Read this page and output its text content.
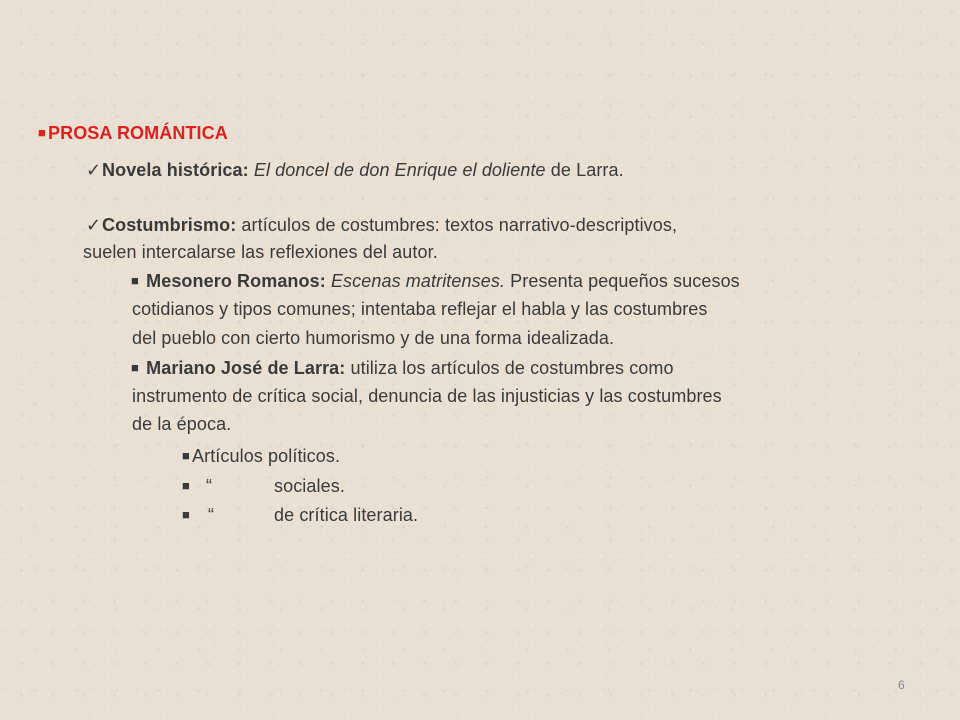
■ PROSA ROMÁNTICA
✓Novela histórica: El doncel de don Enrique el doliente de Larra.
✓Costumbrismo: artículos de costumbres: textos narrativo-descriptivos,
suelen intercalarse las reflexiones del autor.
■ Mesonero Romanos: Escenas matritenses. Presenta pequeños sucesos
cotidianos y tipos comunes; intentaba reflejar el habla y las costumbres
del pueblo con cierto humorismo y de una forma idealizada.
■ Mariano José de Larra: utiliza los artículos de costumbres como
instrumento de crítica social, denuncia de las injusticias y las costumbres
de la época.
■ Artículos políticos.
■ “	sociales.
■ “	de crítica literaria.
6
